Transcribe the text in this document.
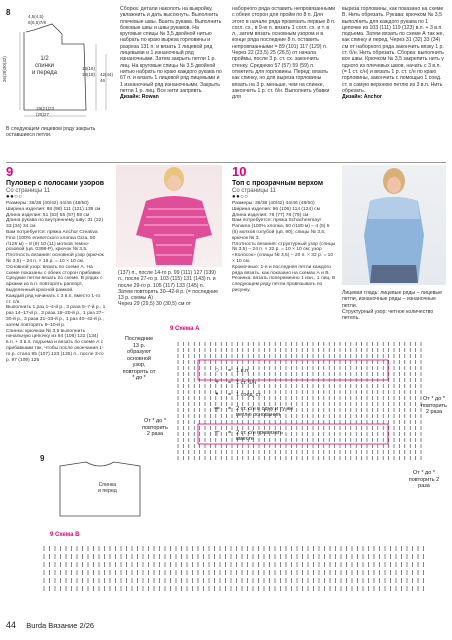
8	4,5(4,5)
6(6,5)7/8
26(28)30(32)	1/2
спинки
и переда
16(16)
18(18) 42(44)
46
19(21)23
(25)27
В следующем лицевом ряду закрыть оставшиеся петли.
Сборка: детали наколоть на выкройку, увлажнить и дать высохнуть. Выполнить плечевые швы. Вшить рукава. Выполнить боковые швы и швы рукавов. На круговые спицы № 3,5 двойной нитью набрать по краю выреза горловины и разреза 131 п. и вязать 1 лицевой ряд лицевыми и 1 изнаночный ряд изнаночными. Затем закрыть петли 1 р. лиц. На круговые спицы № 3,5 двойной нитью набрать по краю каждого рукава по 67 п. и вязать 1 лицевой ряд лицевыми и 1 изнаночный ряд изнаночными. Закрыть петли 1 р. лиц. Все нити запрявть.
Дизайн: Rowan
наборного ряда оставить непровязанными с обеих сторон для пройм по 8 п. Для этого в начале ряда провязать первые 8 п. согл. сх., в 9-ю п. вязать 1 согл. сх. и т. в л., затем вязать основным узором и в конце ряда последние 8 п. оставить непровязанными = 89 (101) 117 (129) п. Через 22 (23,5) 25 (26,5) от начала проймы, после 3 р. ст. сх. закончить стенку. Среднюю 57 (57) 59 (59) п. отметить для горловины. Перед: вязать как спинку, но для выреза горловины вязать на 3 р. меньше, чем на спинке, закончить 1 р. ст. б/н. Выполнить убавки для
выреза горловины, как показано на схеме В. Нить обрезать. Рукава: крючком № 3,5 выполнить для каждого рукава по 1 цепочке из 103 (111) 119 (123) в.п. + 3 в.п. подъема. Затем вязать по схеме А так же, как спинку и перед. Через 31 (32) 33 (34) см от наборного ряда закончить вязку 1 р. ст. б/н. Нить обрезать. Сборка: выполнить все швы. Крючком № 3,5 закрепить нить у одного из плечевых швов, начать с 3 в.п. (= 1 ст. с/н) и вязать 1 р. ст. с/н по краю горловины, закончить с помощью 1 соед. ст. в самую верхнюю петлю из 3 в.п. Нить обрезать.
Дизайн: Anchor
9
Пуловер с полосами узоров
Со страницы 11
●●○○
Размеры: 36/38 (40/42) 44/46 (48/50)
Ширина изделия: 88 (98) 111 (121) 138 см
Длина изделия: 51 (53) 55 (57) 59 см
Длина рукава по внутреннему шву: 31 (32) 33 (34) 34 см
Вам потребуется: пряжа Anchor Creativa Fino (100% египетского хлопка Giza, 50 г/125 м) – 8 (9) 10 (11) мотков темно-розовой (цв. 0398-Р), крючок № 3,5.
Плотность вязания: основной узор (крючок № 3,5) – 24 п. × 16 р. = 10 × 10 см.
Основной узор: вязать по схеме А. На схеме показаны с обеих сторон прибавки. Средние петли вязать по схеме. В рядах с арками из в.п. повторять раппорт, выделенный красной рамкой.
Каждый ряд начинать с 3 в.п. вместо 1-го ст. с/н.
Выполнить 1 раз 1–4-й р., 3 раза 5–7-й р., 1 раз 14–17-й р., 3 раза 18–20-й р., 1 раз 27–30-й р., 3 раза 31–33-й р., 1 раз 40–42-й р., затем повторять 9–10-й р.
Спинка: крючком № 3,5 выполнить начальную цепочку из 94 (106) 122 (134) в.п. + 3 в.п. подъема и вязать по схеме А с прибавками так, чтобы после окончания 1-го р. стало 95 (107) 123 (135) п., после 3-го р. 97 (109) 125
(137) п., после 14-го р. 99 (111) 127 (139) п., после 27-го р. 103 (115) 131 (143) п. и после 29-го р. 105 (117) 133 (145) п.
Затем повторять 30–42-й р. (= последние 13 р. схемы А)
Через 29 (29,5) 30 (30,5) см от
10
Топ с прозрачным верхом
Со страницы 11
●●○○
Размеры: 36/38 (40/42) 44/46 (48/50)
Ширина изделия: 96 (106) 114 (124) см
Длина изделия: 76 (77) 78 (79) см
Вам потребуется: пряжа Schachenmayr Panama (100% хлопка, 50 г/180 м) – 4 (5) 5 (6) мотков голубой (цв. 90); спицы № 3,5; крючок № 3.
Плотность вязания: структурный узор (спицы № 3,5) – 24 п. × 32 р. = 10 × 10 см; узор «Колосок» (спицы № 3,5) – 20 п. × 32 р. = 10 × 10 см.
Кромочные: 1-я и последняя петли каждого ряда вязать, как показано на схемах А и В.
Резинка: вязать попеременно 1 изн., 1 лиц. В следующем ряду петли провязывать по рисунку.	Лицевая гладь: лицевые ряды – лицевые петли, изнаночные ряды – изнаночные петли.
Структурный узор: четное количество петель.
9 Схема А
Последние 13 р. образуют основной узор, повторять от * до *
От * до * повторить 2 раза
○	= 1 в.п.
+	= 1 ст. б/н
•	= 1 соед. ст.
╤	= 2 ст. с/н в одну и ту же петлю основания
┬	= 2 ст. с/н провязать вместе
От * до * повторить 2 раза
От * до * повторить 2 раза
9
Спинка
и перед
9 Схема В
44 Burda Вязание 2/26
